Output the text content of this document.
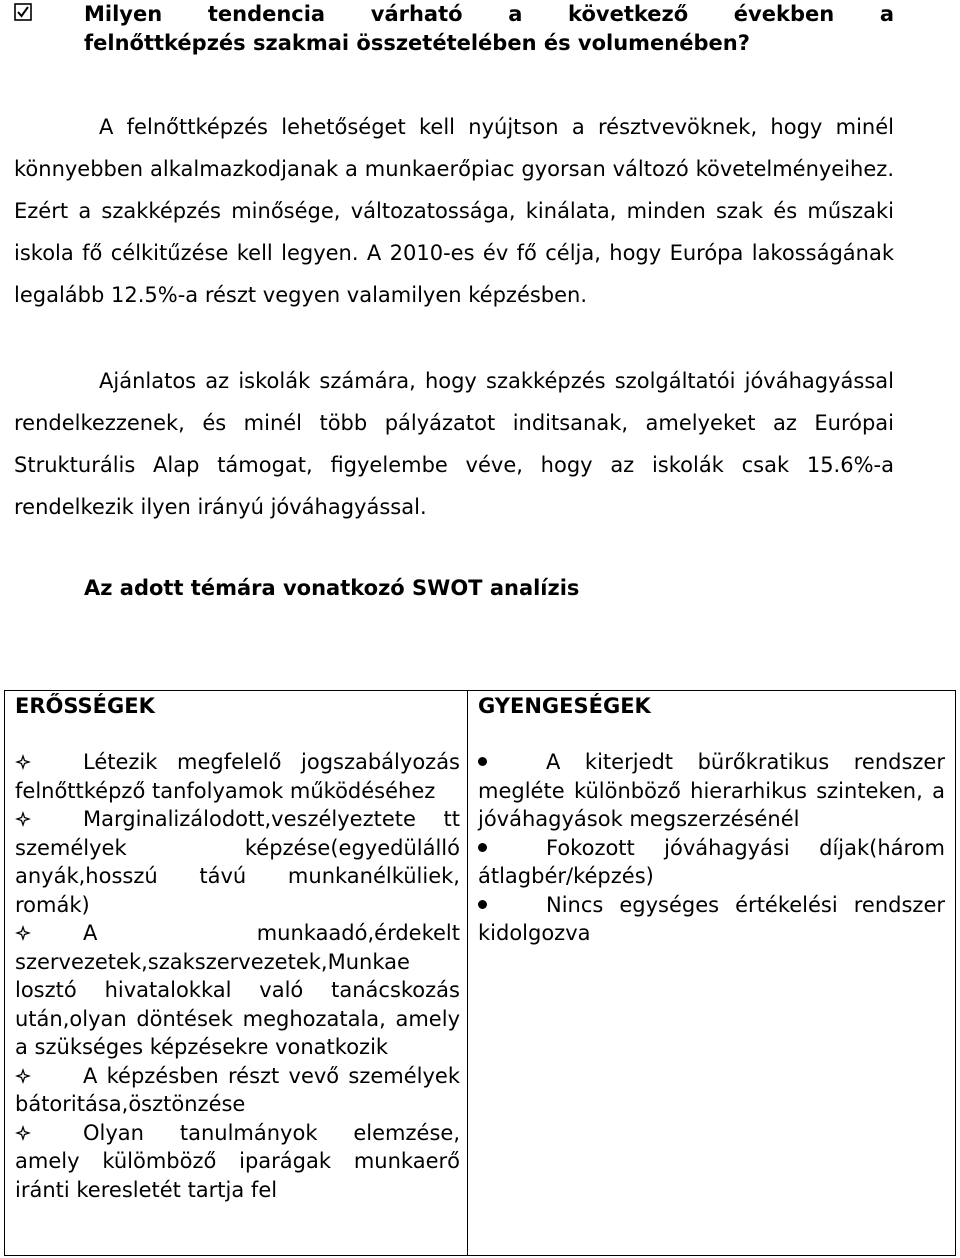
Milyen tendencia várható a következő években a
felnőttképzés szakmai összetételében és volumenében?

A felnőttképzés lehetőséget kell nyújtson a résztvevöknek, hogy minél könnyebben alkalmazkodjanak a munkaerőpiac gyorsan változó követelményeihez. Ezért a szakképzés minősége, változatossága, kinálata, minden szak és műszaki iskola fő célkitűzése kell legyen. A 2010-es év fő célja, hogy Európa lakosságának legalább 12.5%-a részt vegyen valamilyen képzésben.

Ajánlatos az iskolák számára, hogy szakképzés szolgáltatói jóváhagyással rendelkezzenek, és minél több pályázatot inditsanak, amelyeket az Európai Strukturális Alap támogat, figyelembe véve, hogy az iskolák csak 15.6%-a rendelkezik ilyen irányú jóváhagyással.

Az adott témára vonatkozó SWOT analízis
ERŐSSÉGEK
Létezik megfelelő jogszabályozás felnőttképző tanfolyamok működéséhez
Marginalizálodott,veszélyeztete tt személyek képzése(egyedülálló anyák,hosszú távú munkanélküliek, romák)
A munkaadó,érdekelt szervezetek,szakszervezetek,Munkae losztó hivatalokkal való tanácskozás után,olyan döntések meghozatala, amely a szükséges képzésekre vonatkozik
A képzésben részt vevő személyek bátoritása,ösztönzése
Olyan tanulmányok elemzése, amely külömböző iparágak munkaerő iránti keresletét tartja fel
GYENGESÉGEK
A kiterjedt bürőkratikus rendszer megléte különböző hierarhikus szinteken, a jóváhagyások megszerzésénél
Fokozott jóváhagyási díjak(három átlagbér/képzés)
Nincs egységes értékelési rendszer kidolgozva
